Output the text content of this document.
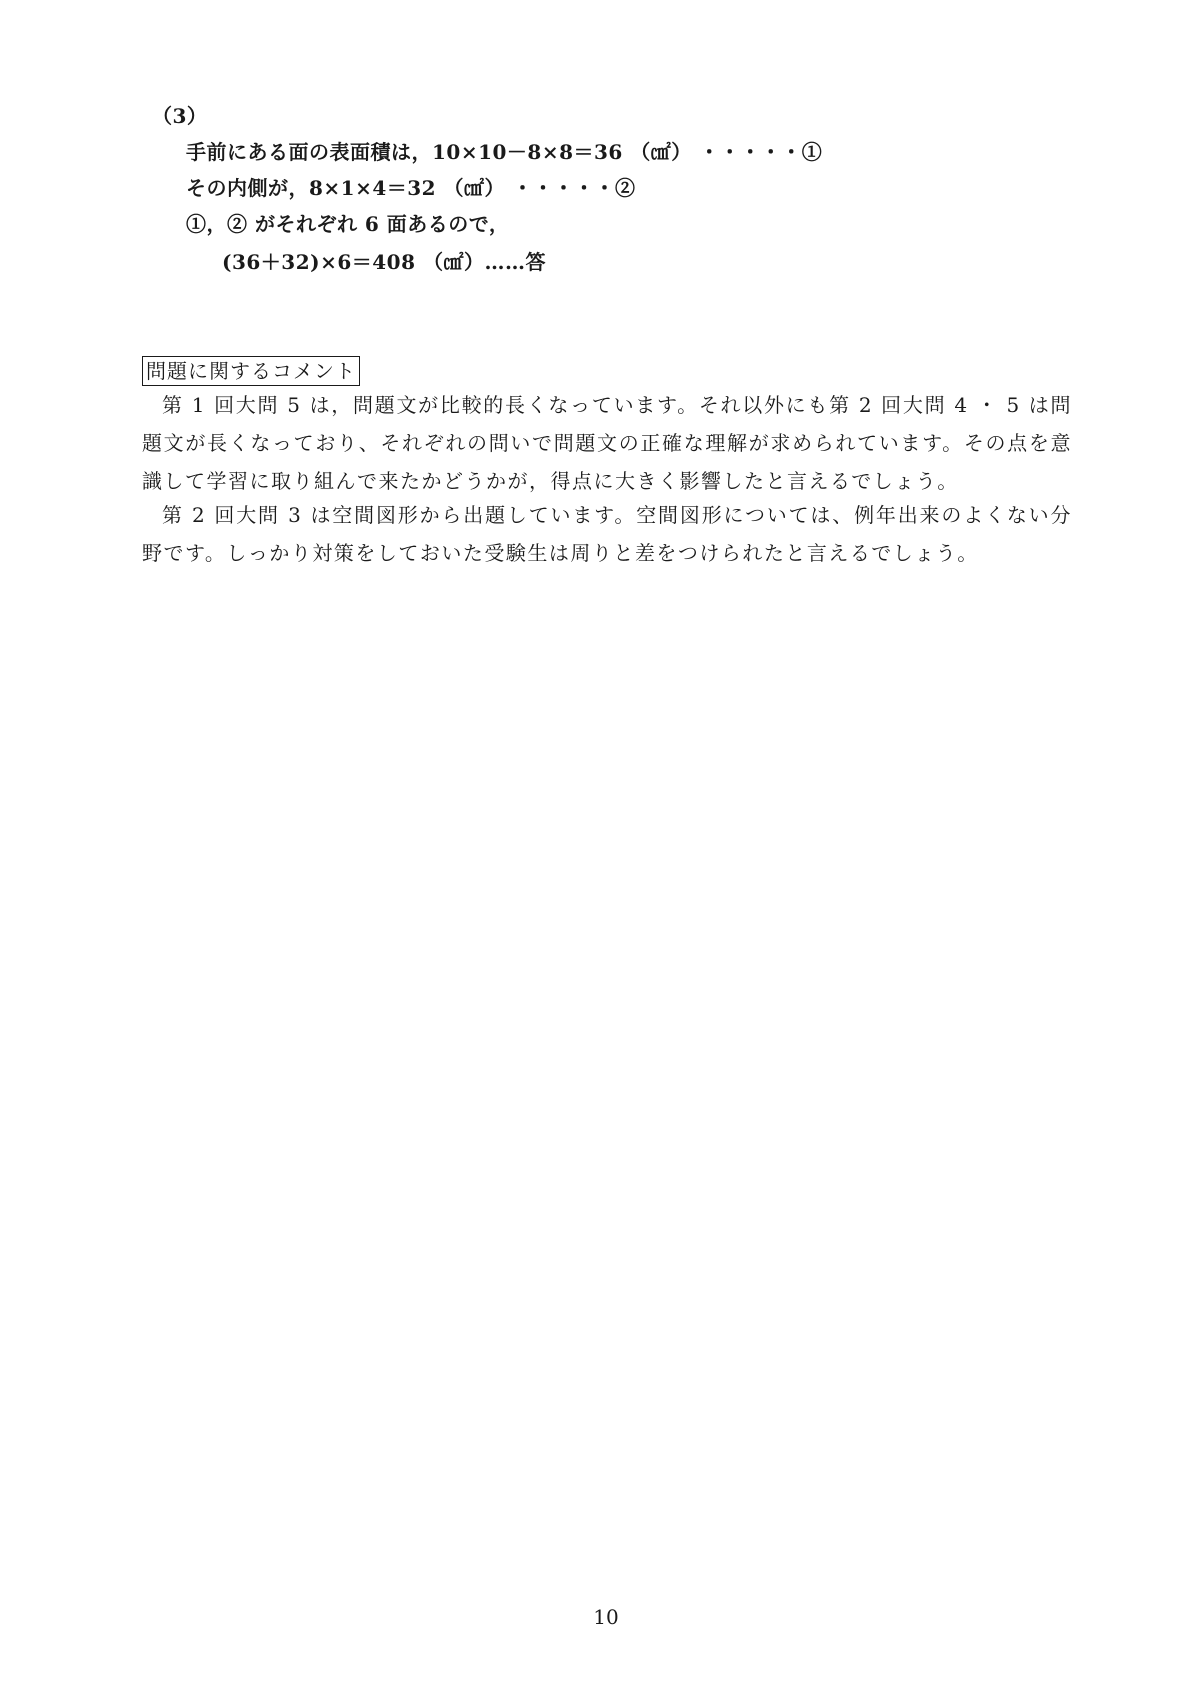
（3）
手前にある面の表面積は，10×10－8×8＝36 （㎠） ・・・・・①
その内側が，8×1×4＝32 （㎠） ・・・・・②
①，② がそれぞれ 6 面あるので，
(36＋32)×6＝408 （㎠）……答
問題に関するコメント

第 1 回大問 5 は，問題文が比較的長くなっています。それ以外にも第 2 回大問 4 ・ 5 は問題文が長くなっており、それぞれの問いで問題文の正確な理解が求められています。その点を意識して学習に取り組んで来たかどうかが，得点に大きく影響したと言えるでしょう。

第 2 回大問 3 は空間図形から出題しています。空間図形については、例年出来のよくない分野です。しっかり対策をしておいた受験生は周りと差をつけられたと言えるでしょう。

10
